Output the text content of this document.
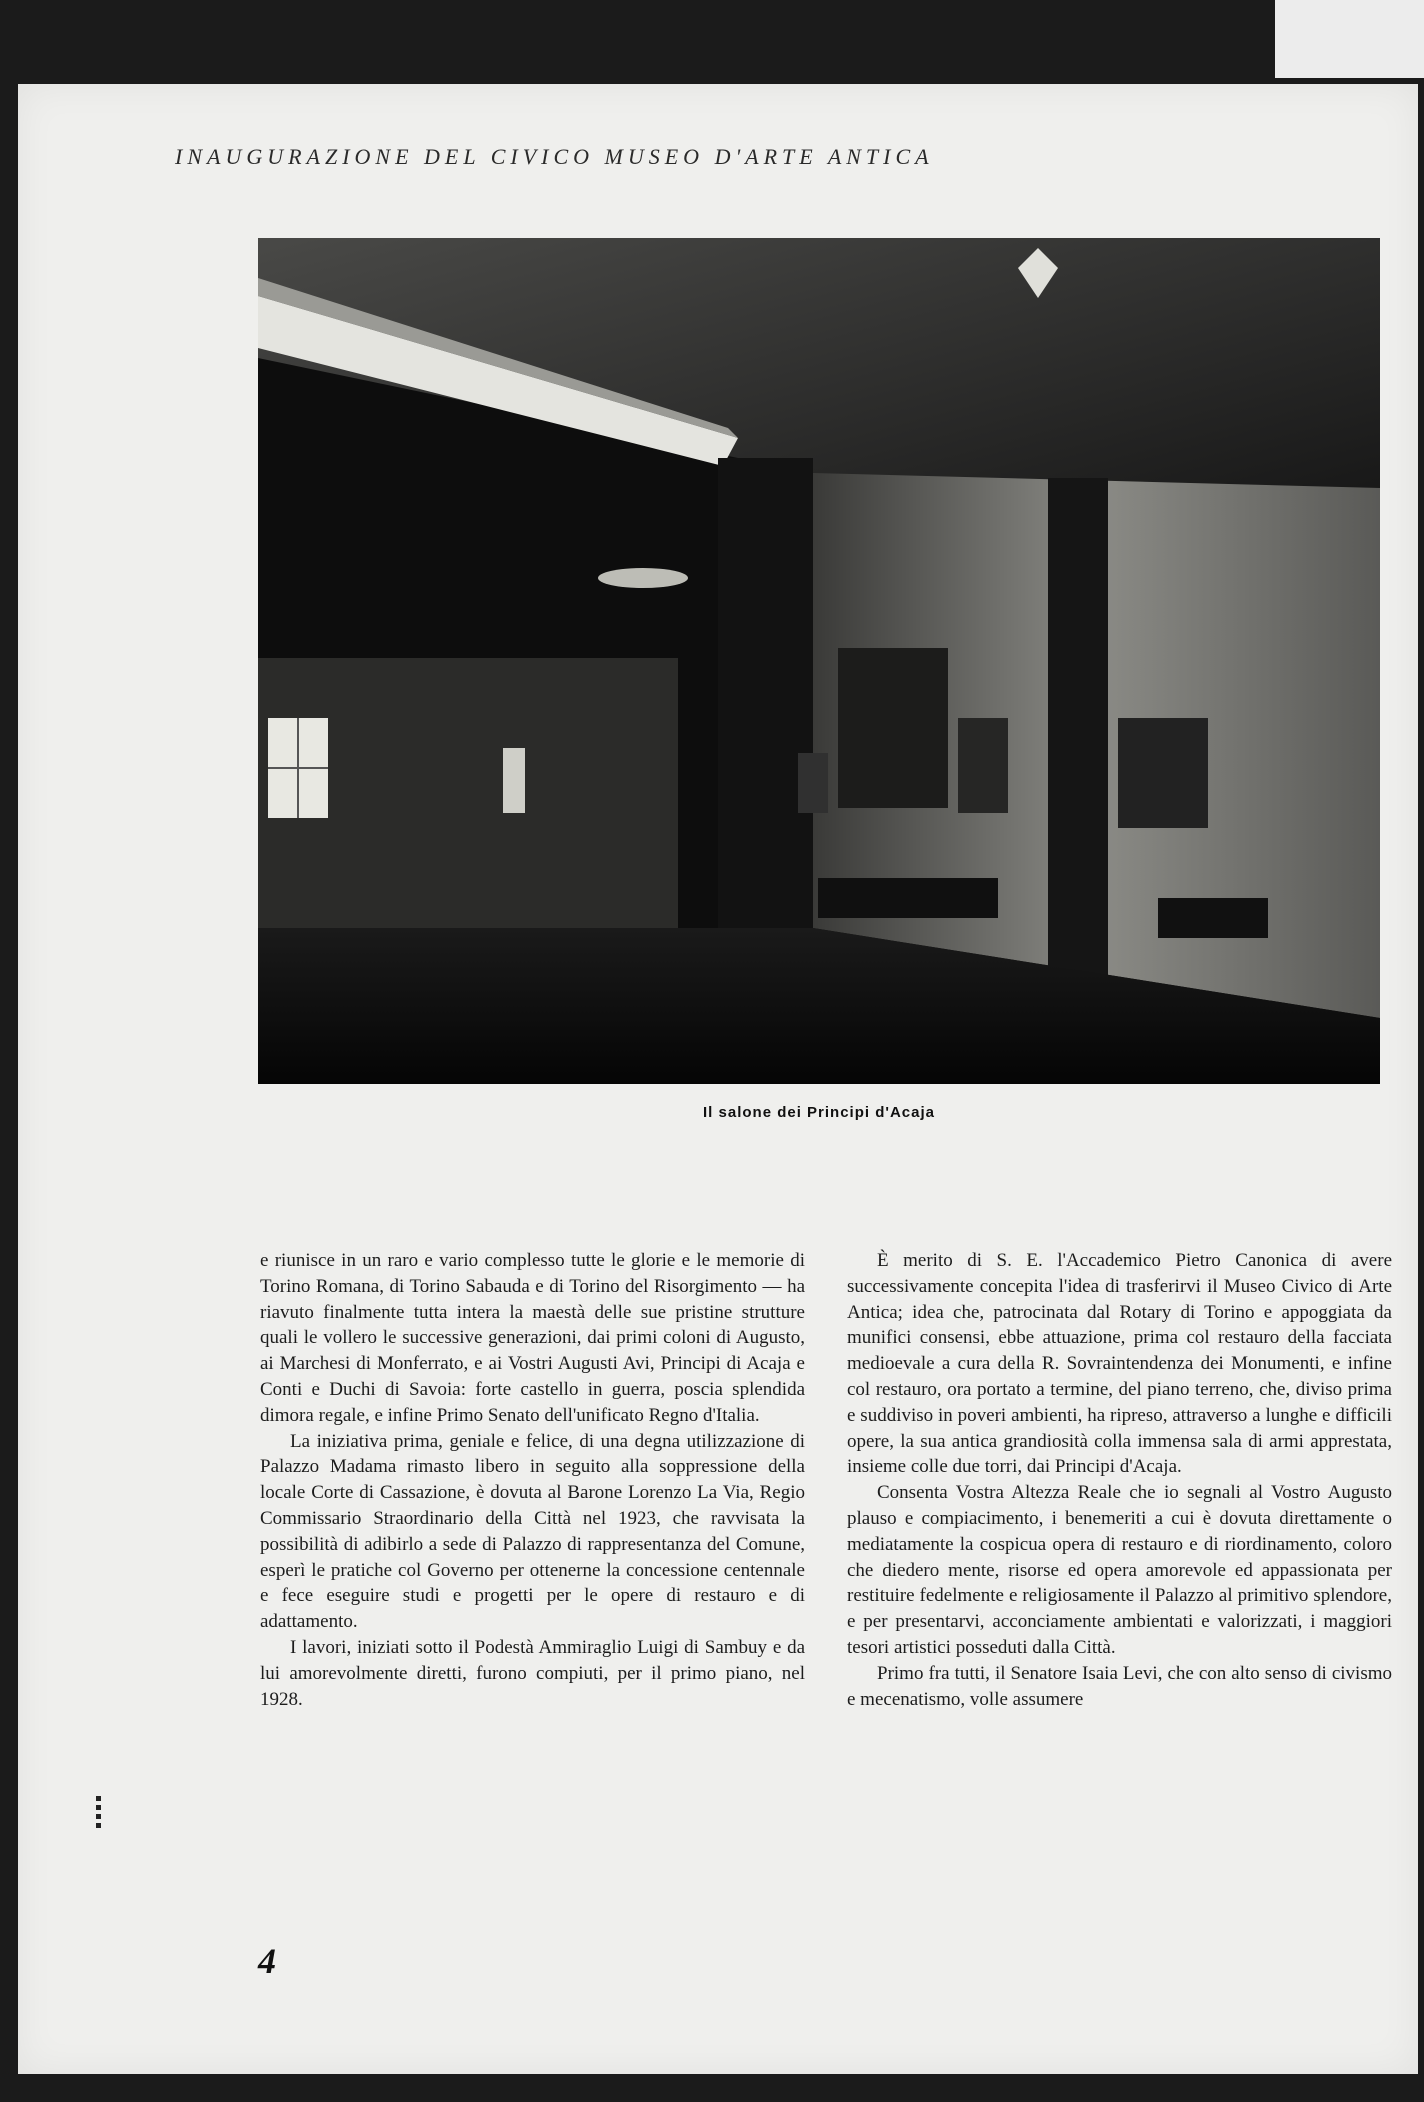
INAUGURAZIONE DEL CIVICO MUSEO D'ARTE ANTICA
Il salone dei Principi d'Acaja

e riunisce in un raro e vario complesso tutte le glorie e le memorie di Torino Romana, di Torino Sabauda e di Torino del Risorgimento — ha riavuto finalmente tutta intera la maestà delle sue pristine strutture quali le vollero le successive generazioni, dai primi coloni di Augusto, ai Marchesi di Monferrato, e ai Vostri Augusti Avi, Principi di Acaja e Conti e Duchi di Savoia: forte castello in guerra, poscia splendida dimora regale, e infine Primo Senato dell'unificato Regno d'Italia.

La iniziativa prima, geniale e felice, di una degna utilizzazione di Palazzo Madama rimasto libero in seguito alla soppressione della locale Corte di Cassazione, è dovuta al Barone Lorenzo La Via, Regio Commissario Straordinario della Città nel 1923, che ravvisata la possibilità di adibirlo a sede di Palazzo di rappresentanza del Comune, esperì le pratiche col Governo per ottenerne la concessione centennale e fece eseguire studi e progetti per le opere di restauro e di adattamento.

I lavori, iniziati sotto il Podestà Ammiraglio Luigi di Sambuy e da lui amorevolmente diretti, furono compiuti, per il primo piano, nel 1928.

È merito di S. E. l'Accademico Pietro Canonica di avere successivamente concepita l'idea di trasferirvi il Museo Civico di Arte Antica; idea che, patrocinata dal Rotary di Torino e appoggiata da munifici consensi, ebbe attuazione, prima col restauro della facciata medioevale a cura della R. Sovraintendenza dei Monumenti, e infine col restauro, ora portato a termine, del piano terreno, che, diviso prima e suddiviso in poveri ambienti, ha ripreso, attraverso a lunghe e difficili opere, la sua antica grandiosità colla immensa sala di armi apprestata, insieme colle due torri, dai Principi d'Acaja.

Consenta Vostra Altezza Reale che io segnali al Vostro Augusto plauso e compiacimento, i benemeriti a cui è dovuta direttamente o mediatamente la cospicua opera di restauro e di riordinamento, coloro che diedero mente, risorse ed opera amorevole ed appassionata per restituire fedelmente e religiosamente il Palazzo al primitivo splendore, e per presentarvi, acconciamente ambientati e valorizzati, i maggiori tesori artistici posseduti dalla Città.

Primo fra tutti, il Senatore Isaia Levi, che con alto senso di civismo e mecenatismo, volle assumere

4
